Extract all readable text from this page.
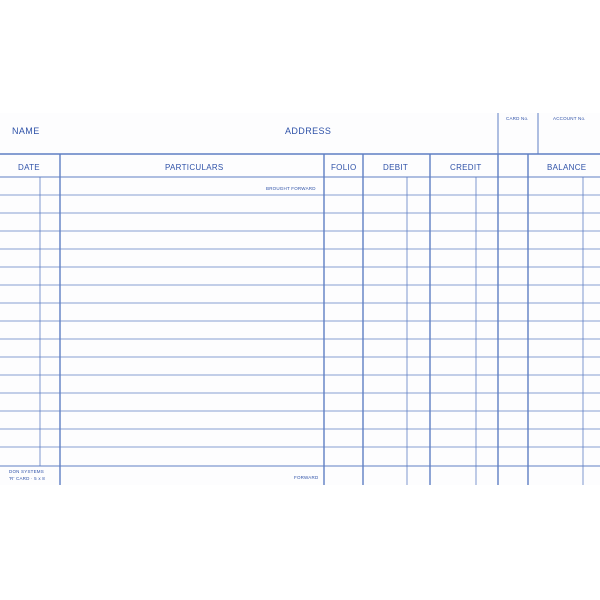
NAME	ADDRESS
CARD No.	ACCOUNT No.
DATE	PARTICULARS	FOLIO	DEBIT	CREDIT	BALANCE
BROUGHT FORWARD
FORWARD
DON SYSTEMS
'R' CARD · 5 x 8
